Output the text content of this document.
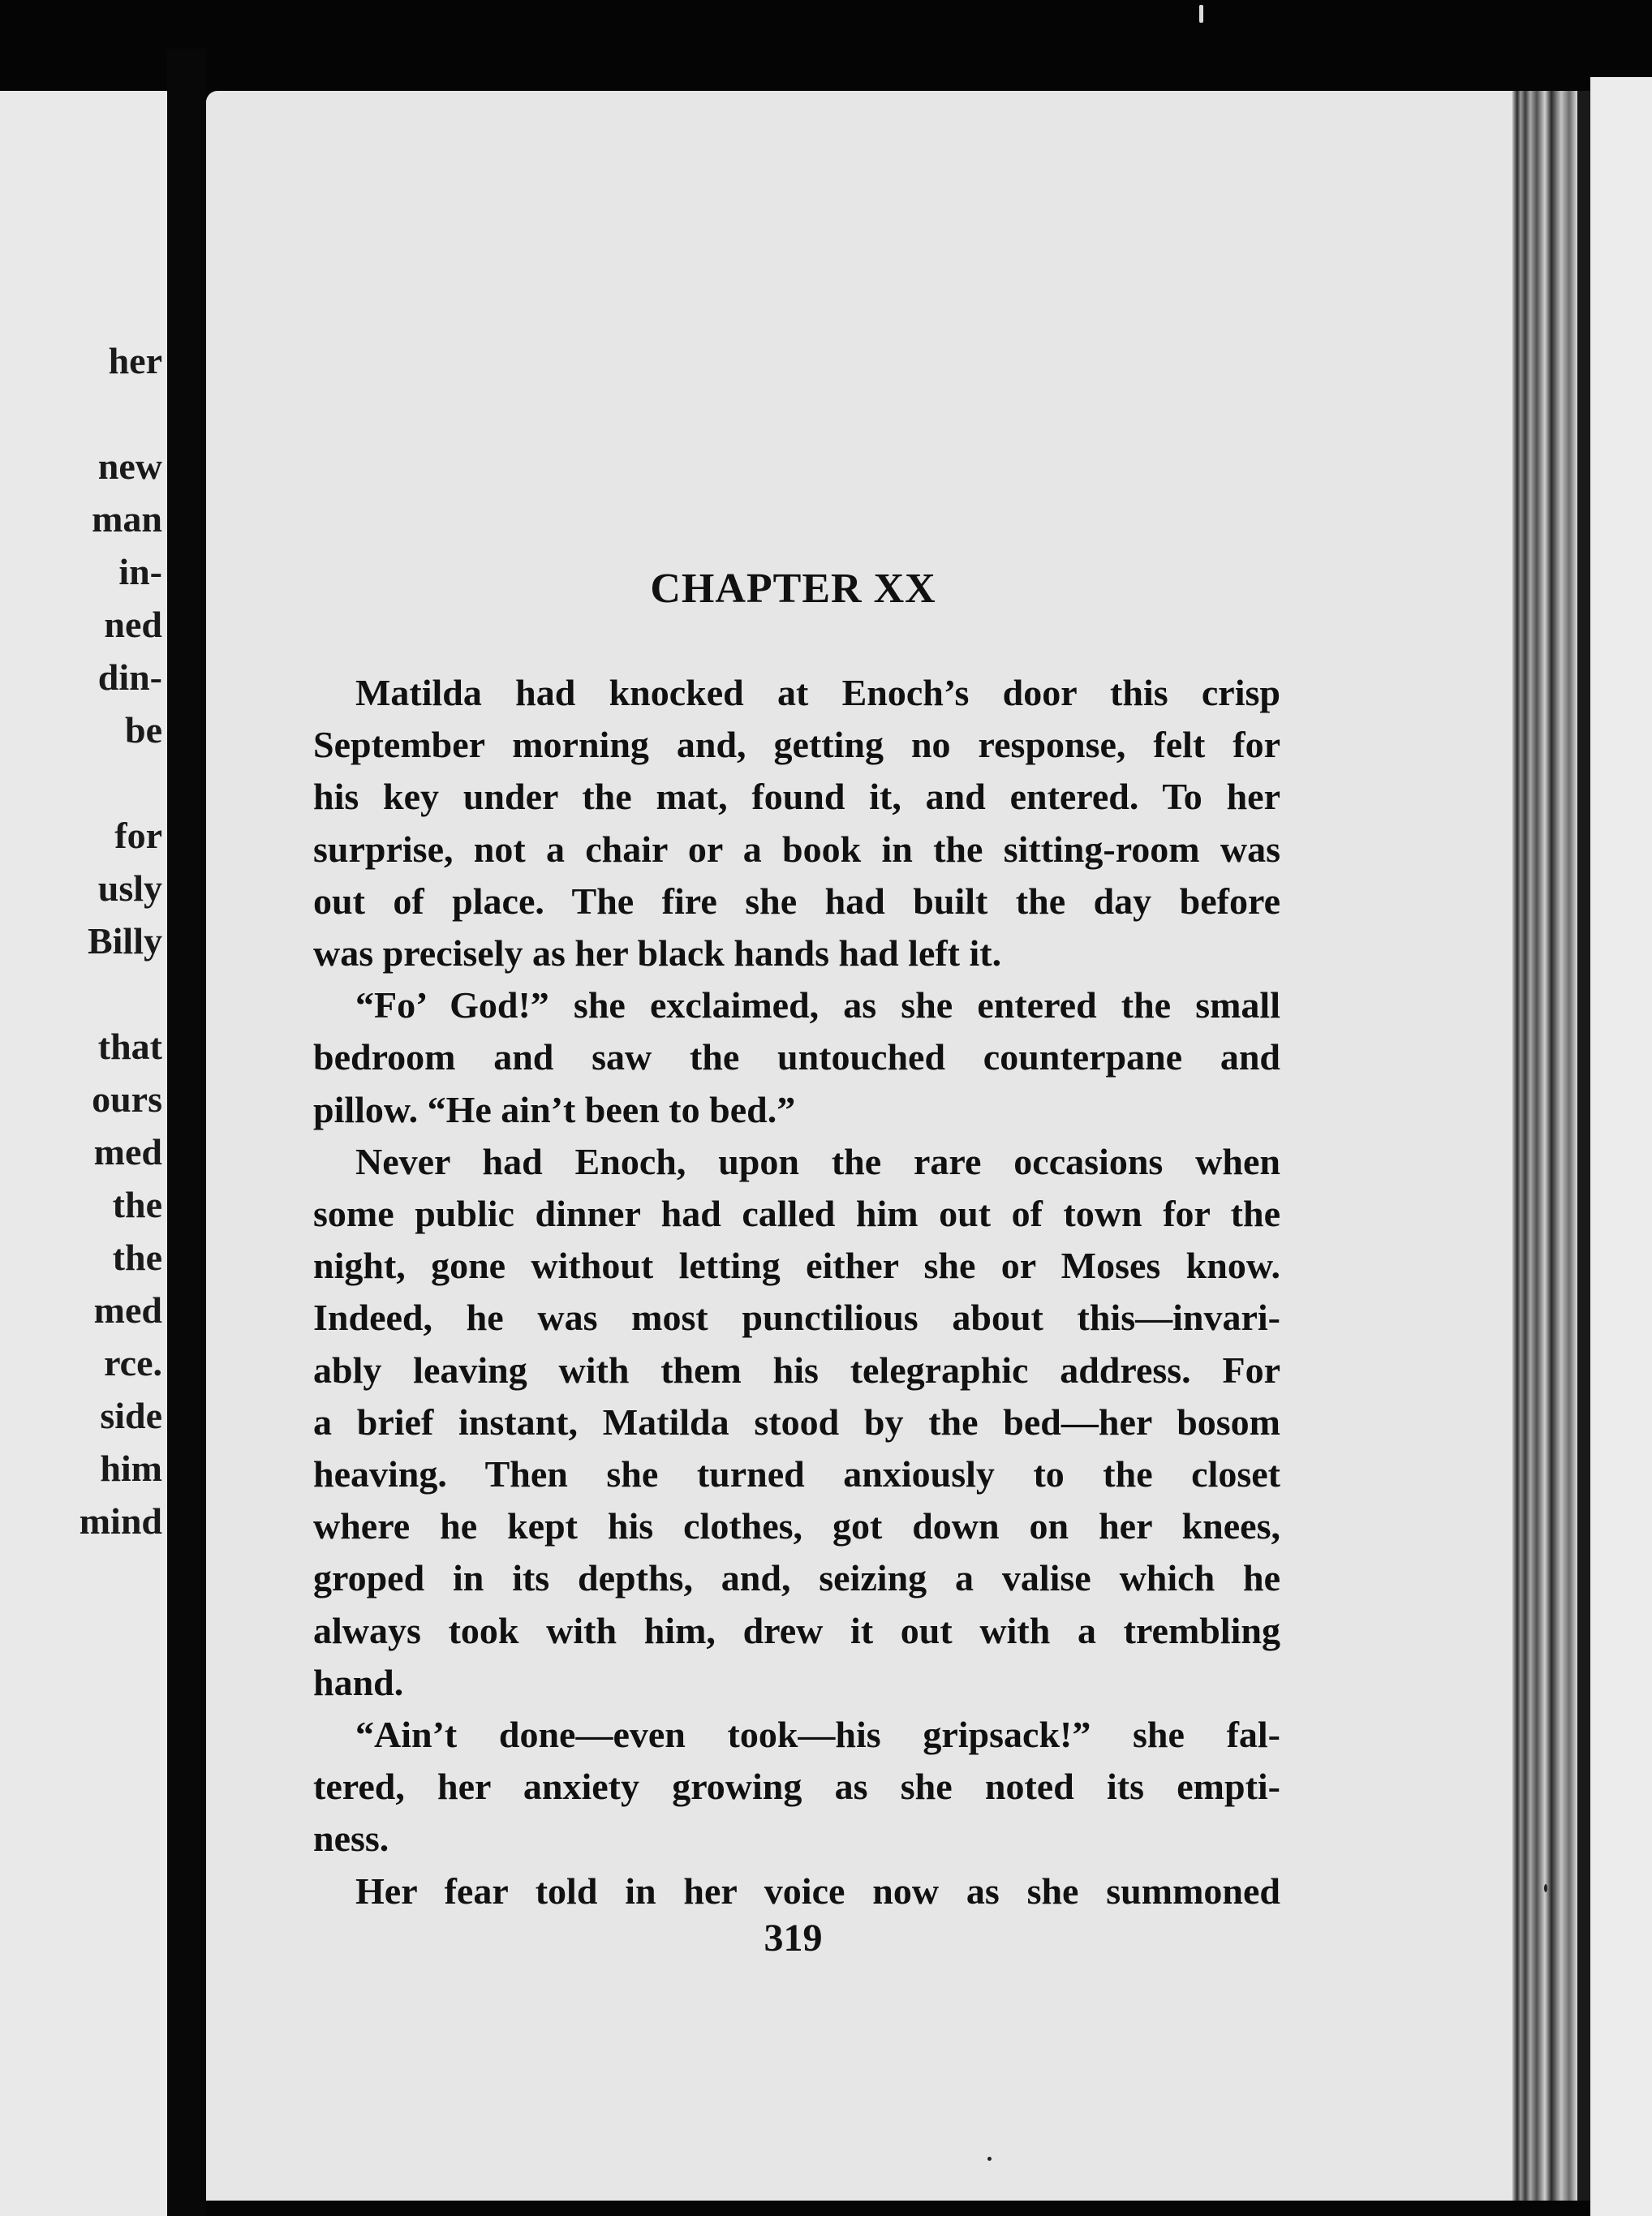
her
new
man
in-
ned
din-
be
for
usly
Billy
that
ours
med
the
the
med
rce.
side
him
mind
CHAPTER XX
Matilda had knocked at Enoch’s door this crisp
September morning and, getting no response, felt for
his key under the mat, found it, and entered. To her
surprise, not a chair or a book in the sitting-room was
out of place. The fire she had built the day before
was precisely as her black hands had left it.
“Fo’ God!” she exclaimed, as she entered the small
bedroom and saw the untouched counterpane and
pillow. “He ain’t been to bed.”
Never had Enoch, upon the rare occasions when
some public dinner had called him out of town for the
night, gone without letting either she or Moses know.
Indeed, he was most punctilious about this—invari-
ably leaving with them his telegraphic address. For
a brief instant, Matilda stood by the bed—her bosom
heaving. Then she turned anxiously to the closet
where he kept his clothes, got down on her knees,
groped in its depths, and, seizing a valise which he
always took with him, drew it out with a trembling
hand.
“Ain’t done—even took—his gripsack!” she fal-
tered, her anxiety growing as she noted its empti-
ness.
Her fear told in her voice now as she summoned
319
